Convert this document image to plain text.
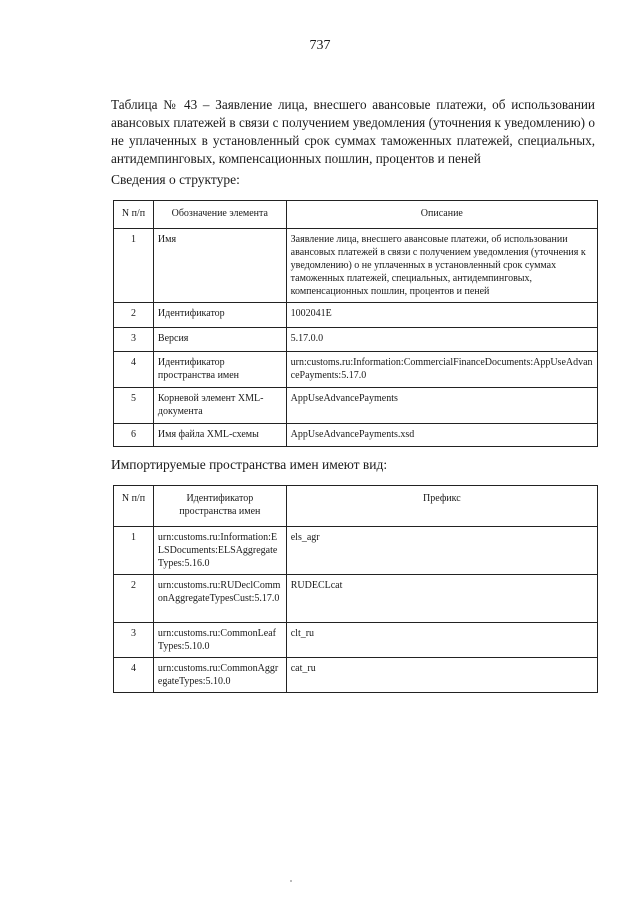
737
Таблица № 43 – Заявление лица, внесшего авансовые платежи, об использовании авансовых платежей в связи с получением уведомления (уточнения к уведомлению) о не уплаченных в установленный срок суммах таможенных платежей, специальных, антидемпинговых, компенсационных пошлин, процентов и пеней
Сведения о структуре:
N п/п	Обозначение элемента	Описание
1	Имя	Заявление лица, внесшего авансовые платежи, об использовании авансовых платежей в связи с получением уведомления (уточнения к уведомлению) о не уплаченных в установленный срок суммах таможенных платежей, специальных, антидемпинговых, компенсационных пошлин, процентов и пеней
2	Идентификатор	1002041E
3	Версия	5.17.0.0
4	Идентификатор пространства имен	urn:customs.ru:Information:CommercialFinanceDocuments:AppUseAdvancePayments:5.17.0
5	Корневой элемент XML-документа	AppUseAdvancePayments
6	Имя файла XML-схемы	AppUseAdvancePayments.xsd
Импортируемые пространства имен имеют вид:
N п/п	Идентификатор пространства имен	Префикс
1	urn:customs.ru:Information:ELSDocuments:ELSAggregateTypes:5.16.0	els_agr
2	urn:customs.ru:RUDeclCommonAggregateTypesCust:5.17.0	RUDECLcat
3	urn:customs.ru:CommonLeafTypes:5.10.0	clt_ru
4	urn:customs.ru:CommonAggregateTypes:5.10.0	cat_ru
